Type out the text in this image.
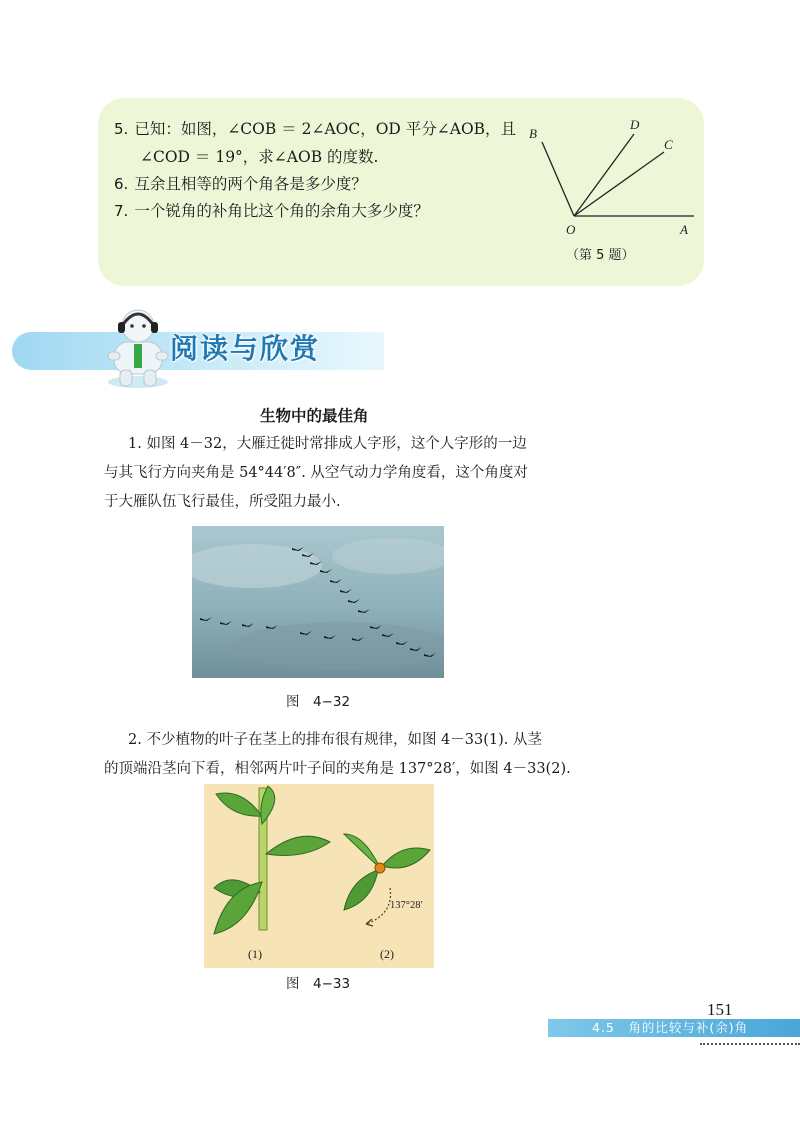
5. 已知：如图，∠COB ＝ 2∠AOC，OD 平分∠AOB，且
∠COD ＝ 19°，求∠AOB 的度数.
6. 互余且相等的两个角各是多少度？
7. 一个锐角的补角比这个角的余角大多少度？
B
D
C
O	A
（第 5 题）
阅读与欣赏
生物中的最佳角
1. 如图 4－32，大雁迁徙时常排成人字形，这个人字形的一边
与其飞行方向夹角是 54°44′8″. 从空气动力学角度看，这个角度对
于大雁队伍飞行最佳，所受阻力最小.
图　4−32
2. 不少植物的叶子在茎上的排布很有规律，如图 4－33(1). 从茎
的顶端沿茎向下看，相邻两片叶子间的夹角是 137°28′，如图 4－33(2).
137°28′
(1)	(2)
图　4−33
151
4.5　角的比较与补(余)角
